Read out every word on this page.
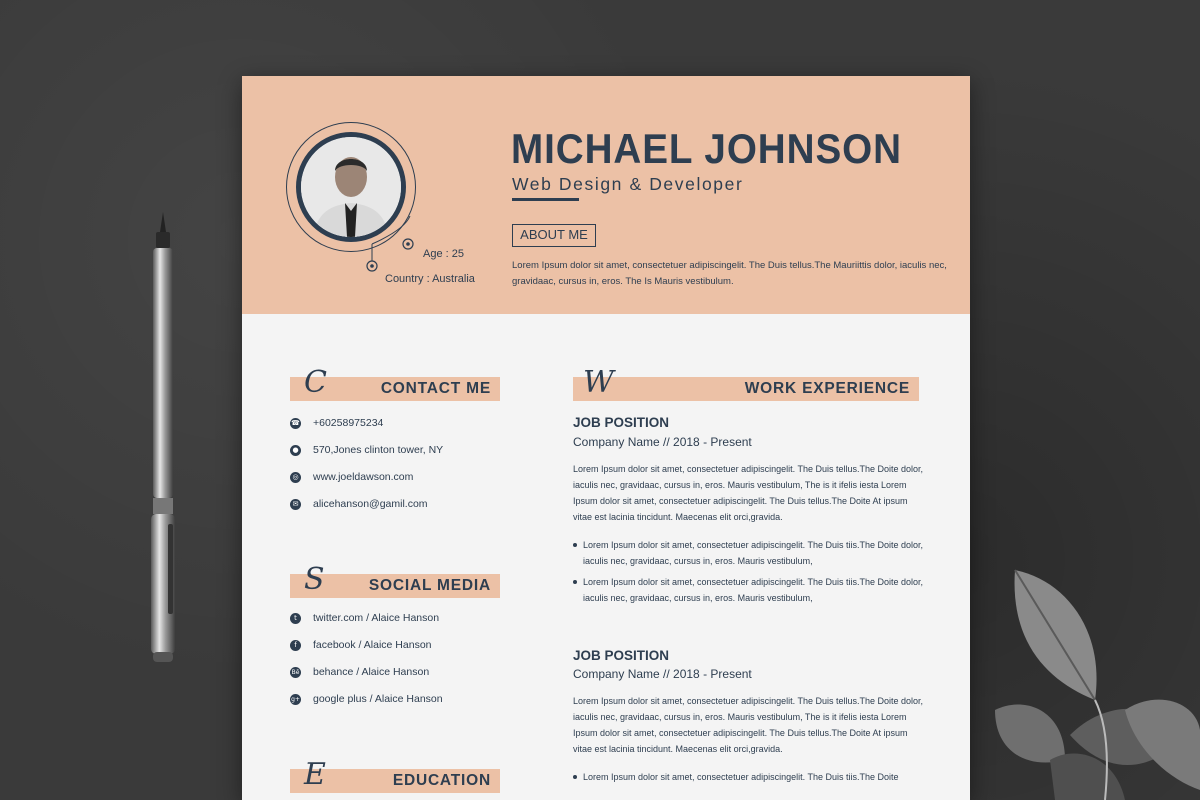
Age : 25
Country : Australia
MICHAEL JOHNSON
Web Design & Developer
ABOUT ME
Lorem Ipsum dolor sit amet, consectetuer adipiscingelit. The Duis tellus.The Mauriittis dolor, iaculis nec, gravidaac, cursus in, eros. The Is Mauris vestibulum.
C	CONTACT ME
☎ +60258975234
● 570,Jones clinton tower, NY
◎ www.joeldawson.com
✉ alicehanson@gamil.com
S	SOCIAL MEDIA
t	twitter.com / Alaice Hanson
f	facebook / Alaice Hanson
Bē behance / Alaice Hanson
g+ google plus / Alaice Hanson
E	EDUCATION
W	WORK EXPERIENCE
JOB POSITION
Company Name // 2018 - Present
Lorem Ipsum dolor sit amet, consectetuer adipiscingelit. The Duis tellus.The Doite dolor, iaculis nec, gravidaac, cursus in, eros. Mauris vestibulum, The is it ifelis iesta Lorem Ipsum dolor sit amet, consectetuer adipiscingelit. The Duis tellus.The Doite At ipsum vitae est lacinia tincidunt. Maecenas elit orci,gravida.
Lorem Ipsum dolor sit amet, consectetuer adipiscingelit. The Duis tiis.The Doite dolor, iaculis nec, gravidaac, cursus in, eros. Mauris vestibulum,
Lorem Ipsum dolor sit amet, consectetuer adipiscingelit. The Duis tiis.The Doite dolor, iaculis nec, gravidaac, cursus in, eros. Mauris vestibulum,
JOB POSITION
Company Name // 2018 - Present
Lorem Ipsum dolor sit amet, consectetuer adipiscingelit. The Duis tellus.The Doite dolor, iaculis nec, gravidaac, cursus in, eros. Mauris vestibulum, The is it ifelis iesta Lorem Ipsum dolor sit amet, consectetuer adipiscingelit. The Duis tellus.The Doite At ipsum vitae est lacinia tincidunt. Maecenas elit orci,gravida.
Lorem Ipsum dolor sit amet, consectetuer adipiscingelit. The Duis tiis.The Doite
